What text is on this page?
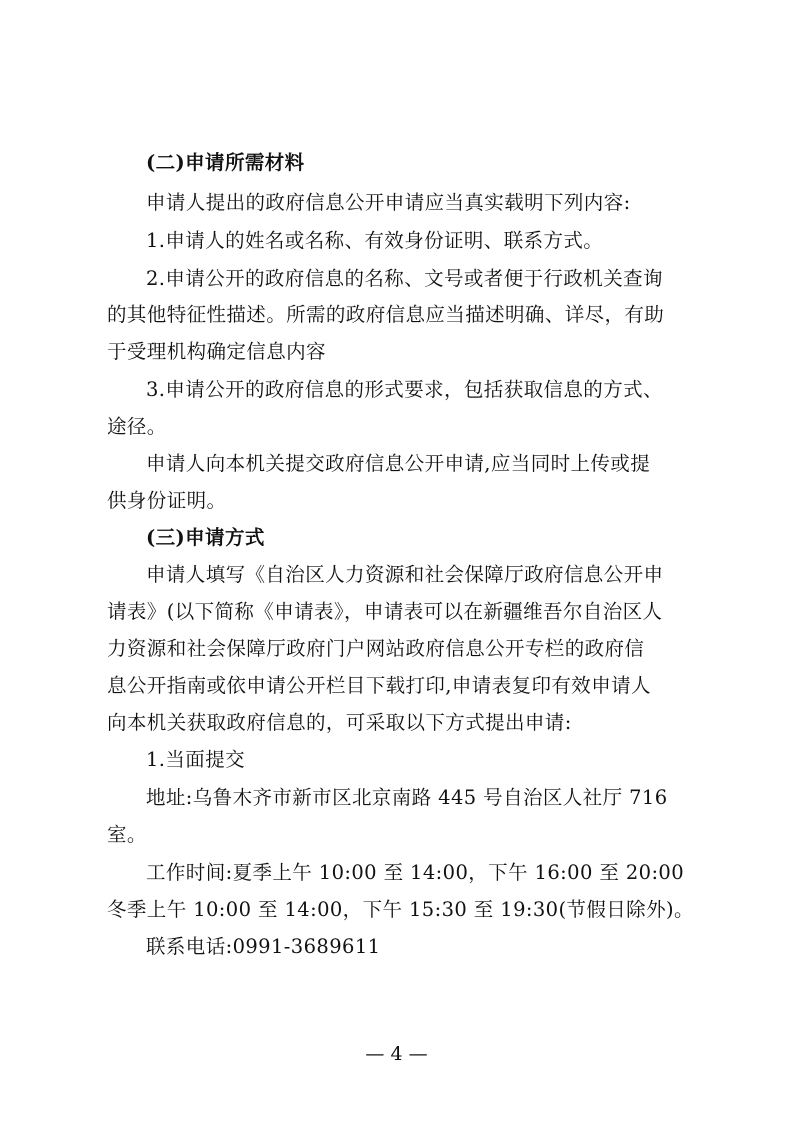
(二)申请所需材料
申请人提出的政府信息公开申请应当真实载明下列内容:
1.申请人的姓名或名称、有效身份证明、联系方式。
2.申请公开的政府信息的名称、文号或者便于行政机关查询
的其他特征性描述。所需的政府信息应当描述明确、详尽，有助
于受理机构确定信息内容
3.申请公开的政府信息的形式要求，包括获取信息的方式、
途径。
申请人向本机关提交政府信息公开申请,应当同时上传或提
供身份证明。
(三)申请方式
申请人填写《自治区人力资源和社会保障厅政府信息公开申
请表》(以下简称《申请表》，申请表可以在新疆维吾尔自治区人
力资源和社会保障厅政府门户网站政府信息公开专栏的政府信
息公开指南或依申请公开栏目下载打印,申请表复印有效申请人
向本机关获取政府信息的，可采取以下方式提出申请:
1.当面提交
地址:乌鲁木齐市新市区北京南路 445 号自治区人社厅 716
室。
工作时间:夏季上午 10:00 至 14:00，下午 16:00 至 20:00
冬季上午 10:00 至 14:00，下午 15:30 至 19:30(节假日除外)。
联系电话:0991-3689611
— 4 —
